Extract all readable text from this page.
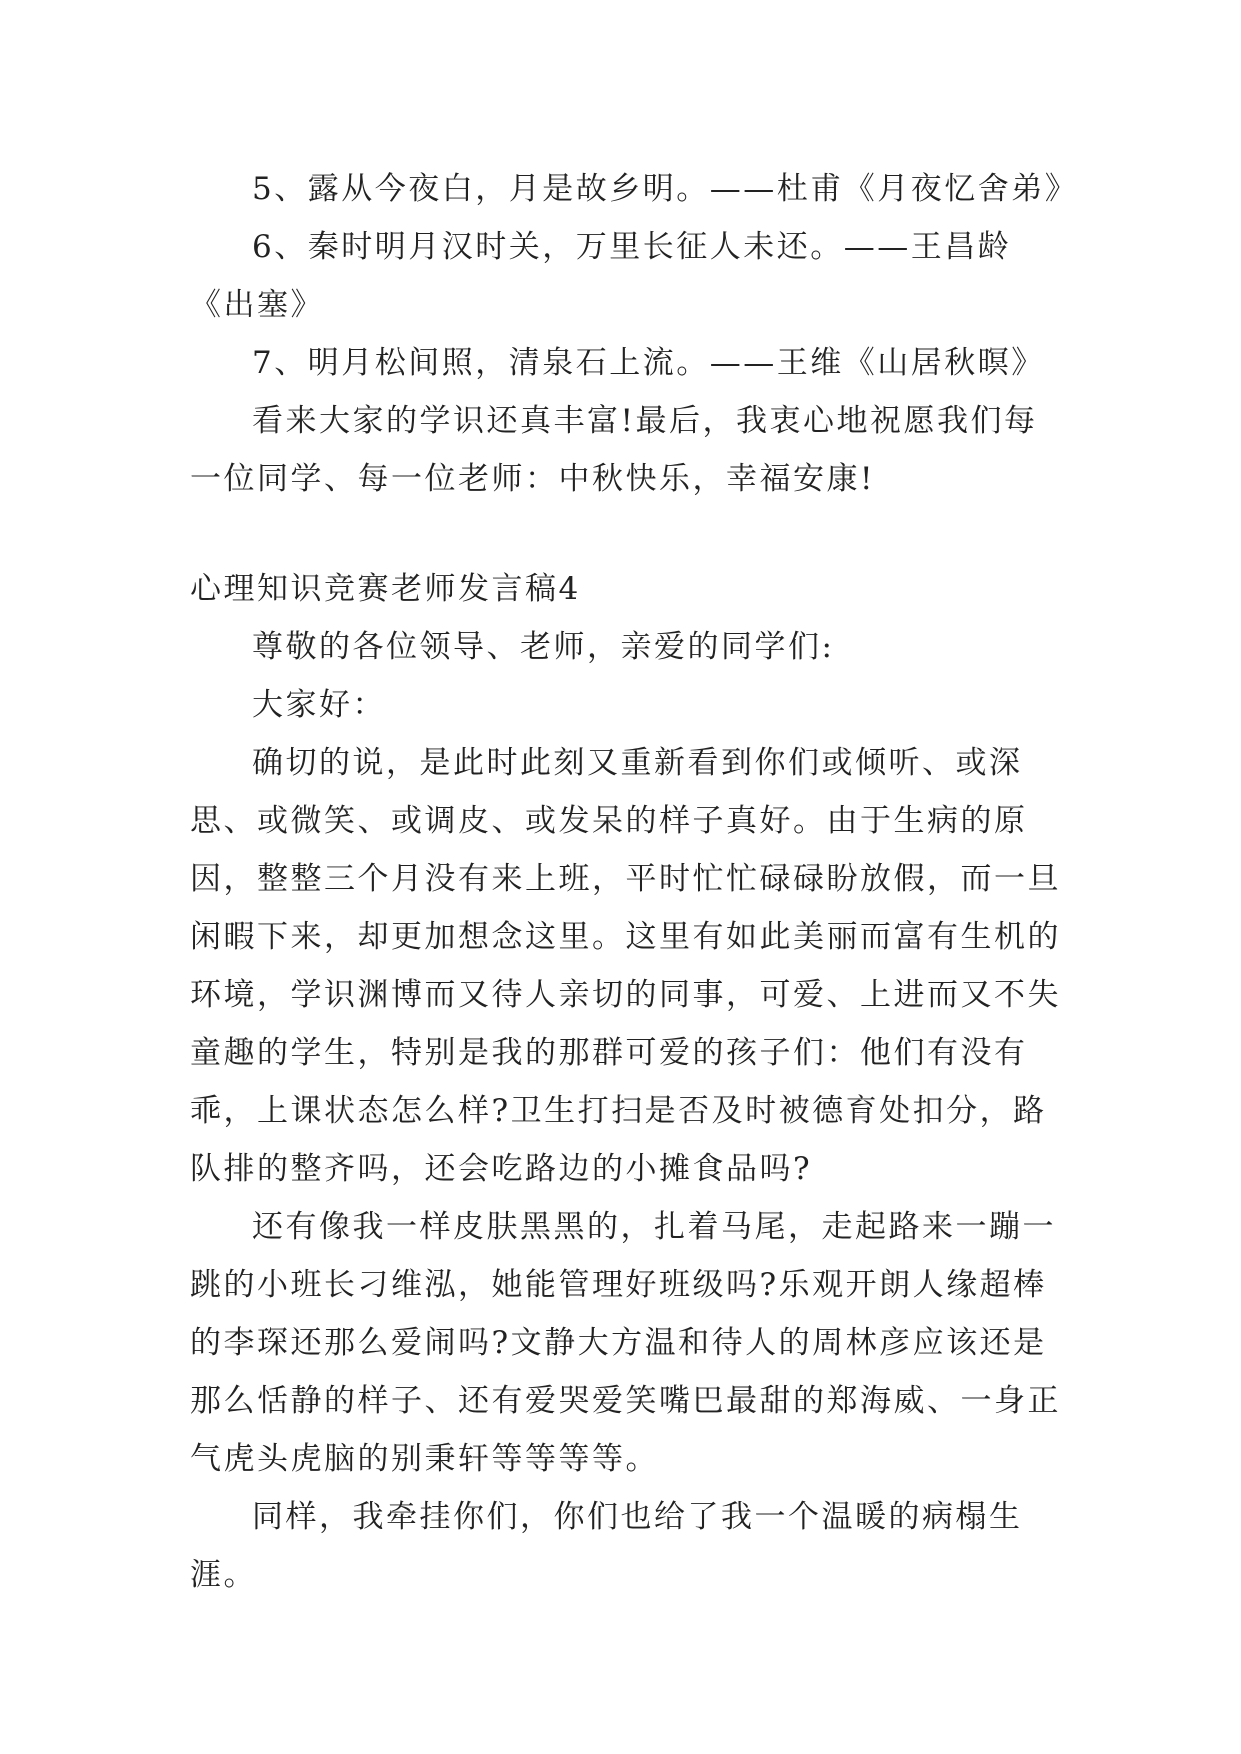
5、露从今夜白，月是故乡明。——杜甫《月夜忆舍弟》

6、秦时明月汉时关，万里长征人未还。——王昌龄《出塞》

7、明月松间照，清泉石上流。——王维《山居秋暝》

看来大家的学识还真丰富!最后，我衷心地祝愿我们每一位同学、每一位老师：中秋快乐，幸福安康!

心理知识竞赛老师发言稿4

尊敬的各位领导、老师，亲爱的同学们:

大家好：

确切的说，是此时此刻又重新看到你们或倾听、或深思、或微笑、或调皮、或发呆的样子真好。由于生病的原因，整整三个月没有来上班，平时忙忙碌碌盼放假，而一旦闲暇下来，却更加想念这里。这里有如此美丽而富有生机的环境，学识渊博而又待人亲切的同事，可爱、上进而又不失童趣的学生，特别是我的那群可爱的孩子们：他们有没有乖，上课状态怎么样?卫生打扫是否及时被德育处扣分，路队排的整齐吗，还会吃路边的小摊食品吗?

还有像我一样皮肤黑黑的，扎着马尾，走起路来一蹦一跳的小班长刁维泓，她能管理好班级吗?乐观开朗人缘超棒的李琛还那么爱闹吗?文静大方温和待人的周林彦应该还是那么恬静的样子、还有爱哭爱笑嘴巴最甜的郑海威、一身正气虎头虎脑的别秉轩等等等等。

同样，我牵挂你们，你们也给了我一个温暖的病榻生涯。
